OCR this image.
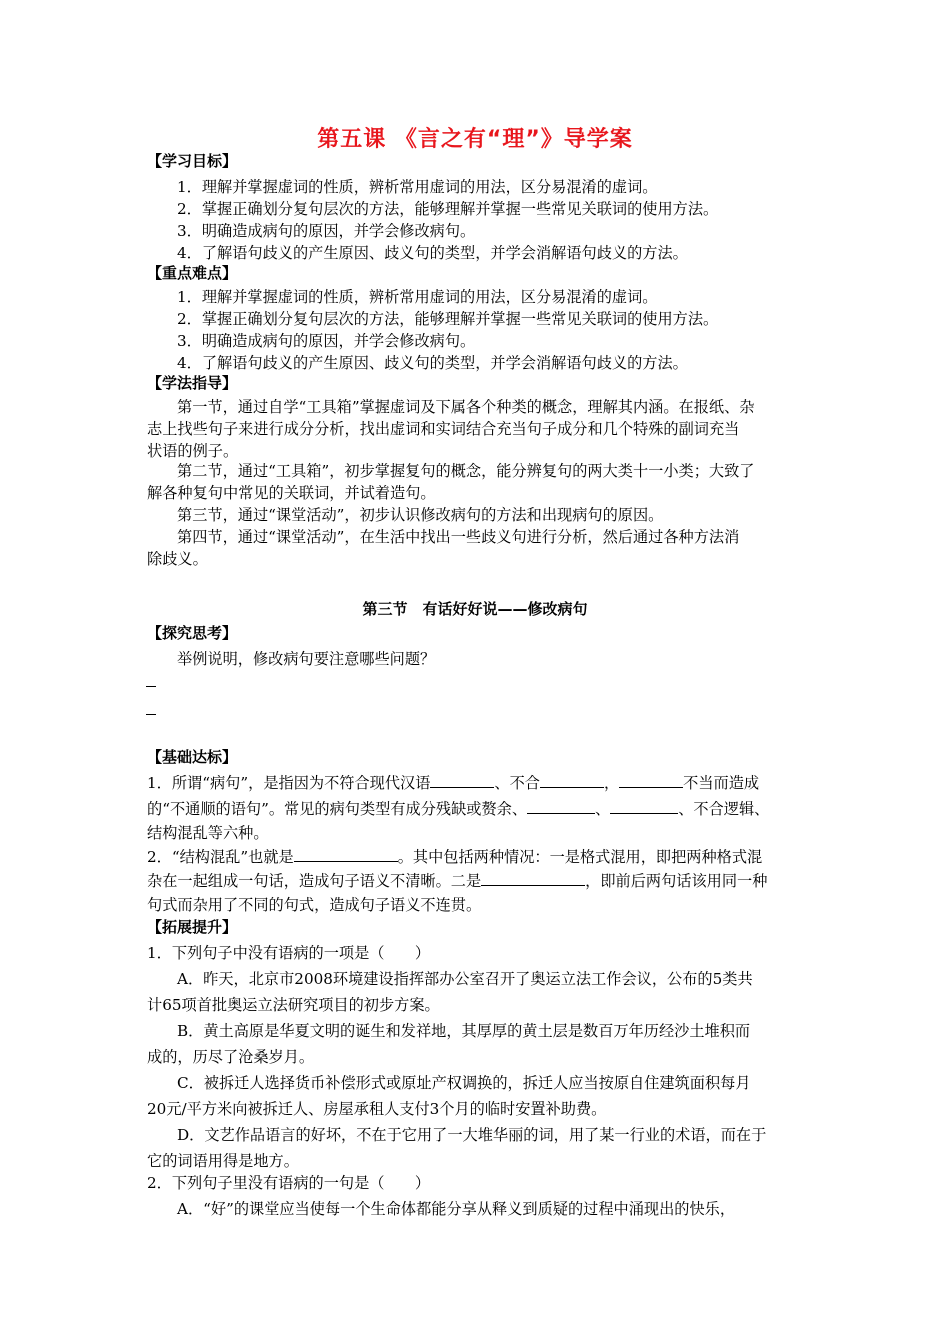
第五课 《言之有“理”》导学案
【学习目标】
1．理解并掌握虚词的性质，辨析常用虚词的用法，区分易混淆的虚词。
2．掌握正确划分复句层次的方法，能够理解并掌握一些常见关联词的使用方法。
3．明确造成病句的原因，并学会修改病句。
4．了解语句歧义的产生原因、歧义句的类型，并学会消解语句歧义的方法。
【重点难点】
1．理解并掌握虚词的性质，辨析常用虚词的用法，区分易混淆的虚词。
2．掌握正确划分复句层次的方法，能够理解并掌握一些常见关联词的使用方法。
3．明确造成病句的原因，并学会修改病句。
4．了解语句歧义的产生原因、歧义句的类型，并学会消解语句歧义的方法。
【学法指导】
第一节，通过自学“工具箱”掌握虚词及下属各个种类的概念，理解其内涵。在报纸、杂
志上找些句子来进行成分分析，找出虚词和实词结合充当句子成分和几个特殊的副词充当
状语的例子。
第二节，通过“工具箱”，初步掌握复句的概念，能分辨复句的两大类十一小类；大致了
解各种复句中常见的关联词，并试着造句。
第三节，通过“课堂活动”，初步认识修改病句的方法和出现病句的原因。
第四节，通过“课堂活动”，在生活中找出一些歧义句进行分析，然后通过各种方法消
除歧义。
第三节　有话好好说——修改病句
【探究思考】
举例说明，修改病句要注意哪些问题？
【基础达标】
1．所谓“病句”，是指因为不符合现代汉语	、不合	，	不当而造成
的“不通顺的语句”。常见的病句类型有成分残缺或赘余、	、	、不合逻辑、
结构混乱等六种。
2．“结构混乱”也就是	。其中包括两种情况：一是格式混用，即把两种格式混
杂在一起组成一句话，造成句子语义不清晰。二是	，即前后两句话该用同一种
句式而杂用了不同的句式，造成句子语义不连贯。
【拓展提升】
1．下列句子中没有语病的一项是（　　）
A．昨天，北京市2008环境建设指挥部办公室召开了奥运立法工作会议，公布的5类共
计65项首批奥运立法研究项目的初步方案。
B．黄土高原是华夏文明的诞生和发祥地，其厚厚的黄土层是数百万年历经沙土堆积而
成的，历尽了沧桑岁月。
C．被拆迁人选择货币补偿形式或原址产权调换的，拆迁人应当按原自住建筑面积每月
20元/平方米向被拆迁人、房屋承租人支付3个月的临时安置补助费。
D．文艺作品语言的好坏，不在于它用了一大堆华丽的词，用了某一行业的术语，而在于
它的词语用得是地方。
2．下列句子里没有语病的一句是（　　）
A．“好”的课堂应当使每一个生命体都能分享从释义到质疑的过程中涌现出的快乐，
